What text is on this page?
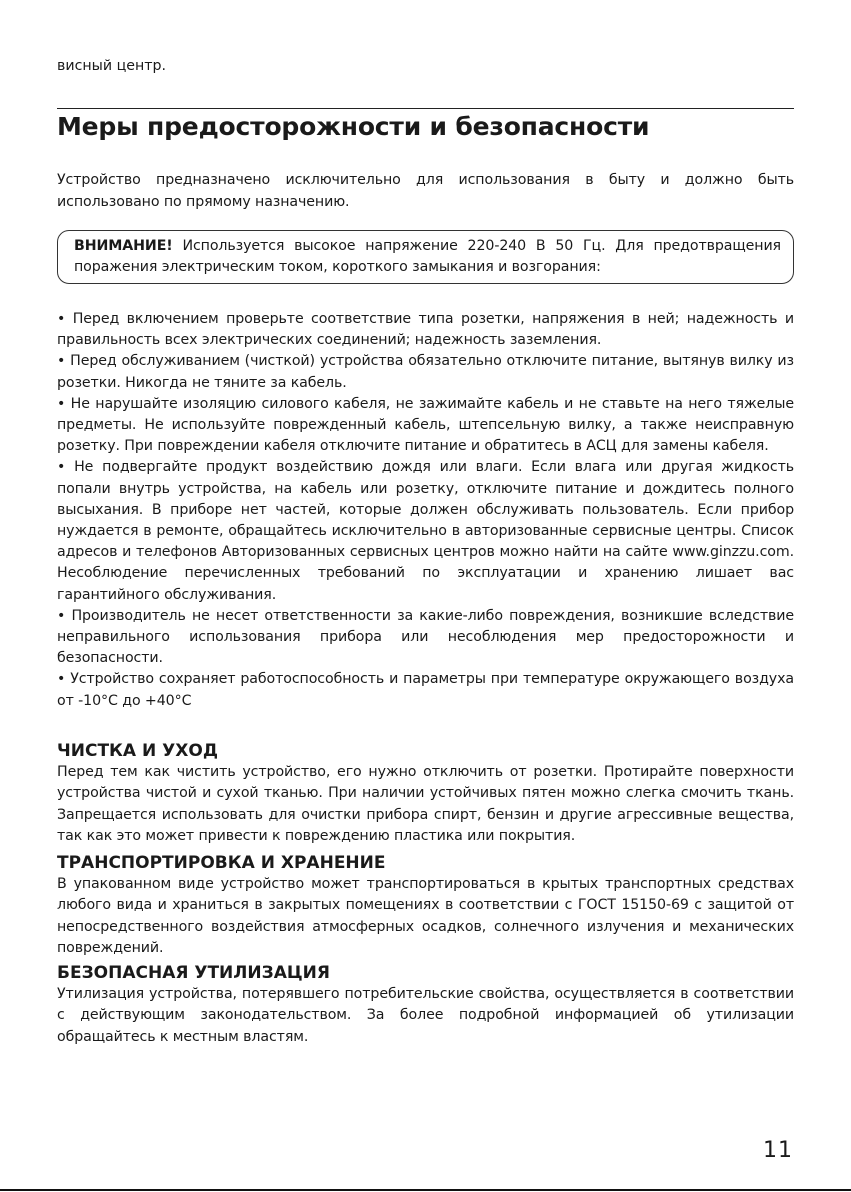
висный центр.
Меры предосторожности и безопасности

Устройство предназначено исключительно для использования в быту и должно быть использовано по прямому назначению.

ВНИМАНИЕ! Используется высокое напряжение 220-240 В 50 Гц. Для предотвращения поражения электрическим током, короткого замыкания и возгорания:

• Перед включением проверьте соответствие типа розетки, напряжения в ней; надежность и правильность всех электрических соединений; надежность заземления.

• Перед обслуживанием (чисткой) устройства обязательно отключите питание, вытянув вилку из розетки. Никогда не тяните за кабель.

• Не нарушайте изоляцию силового кабеля, не зажимайте кабель и не ставьте на него тяжелые предметы. Не используйте поврежденный кабель, штепсельную вилку, а также неисправную розетку. При повреждении кабеля отключите питание и обратитесь в АСЦ для замены кабеля.

• Не подвергайте продукт воздействию дождя или влаги. Если влага или другая жидкость попали внутрь устройства, на кабель или розетку, отключите питание и дождитесь полного высыхания. В приборе нет частей, которые должен обслуживать пользователь. Если прибор нуждается в ремонте, обращайтесь исключительно в авторизованные сервисные центры. Список адресов и телефонов Авторизованных сервисных центров можно найти на сайте www.ginzzu.com. Несоблюдение перечисленных требований по эксплуатации и хранению лишает вас гарантийного обслуживания.

• Производитель не несет ответственности за какие-либо повреждения, возникшие вследствие неправильного использования прибора или несоблюдения мер предосторожности и безопасности.

• Устройство сохраняет работоспособность и параметры при температуре окружающего воздуха от -10°С до +40°С

ЧИСТКА И УХОД

Перед тем как чистить устройство, его нужно отключить от розетки. Протирайте поверхности устройства чистой и сухой тканью. При наличии устойчивых пятен можно слегка смочить ткань. Запрещается использовать для очистки прибора спирт, бензин и другие агрессивные вещества, так как это может привести к повреждению пластика или покрытия.

ТРАНСПОРТИРОВКА И ХРАНЕНИЕ

В упакованном виде устройство может транспортироваться в крытых транспортных средствах любого вида и храниться в закрытых помещениях в соответствии с ГОСТ 15150-69 с защитой от непосредственного воздействия атмосферных осадков, солнечного излучения и механических повреждений.

БЕЗОПАСНАЯ УТИЛИЗАЦИЯ

Утилизация устройства, потерявшего потребительские свойства, осуществляется в соответствии с действующим законодательством. За более подробной информацией об утилизации обращайтесь к местным властям.

11
